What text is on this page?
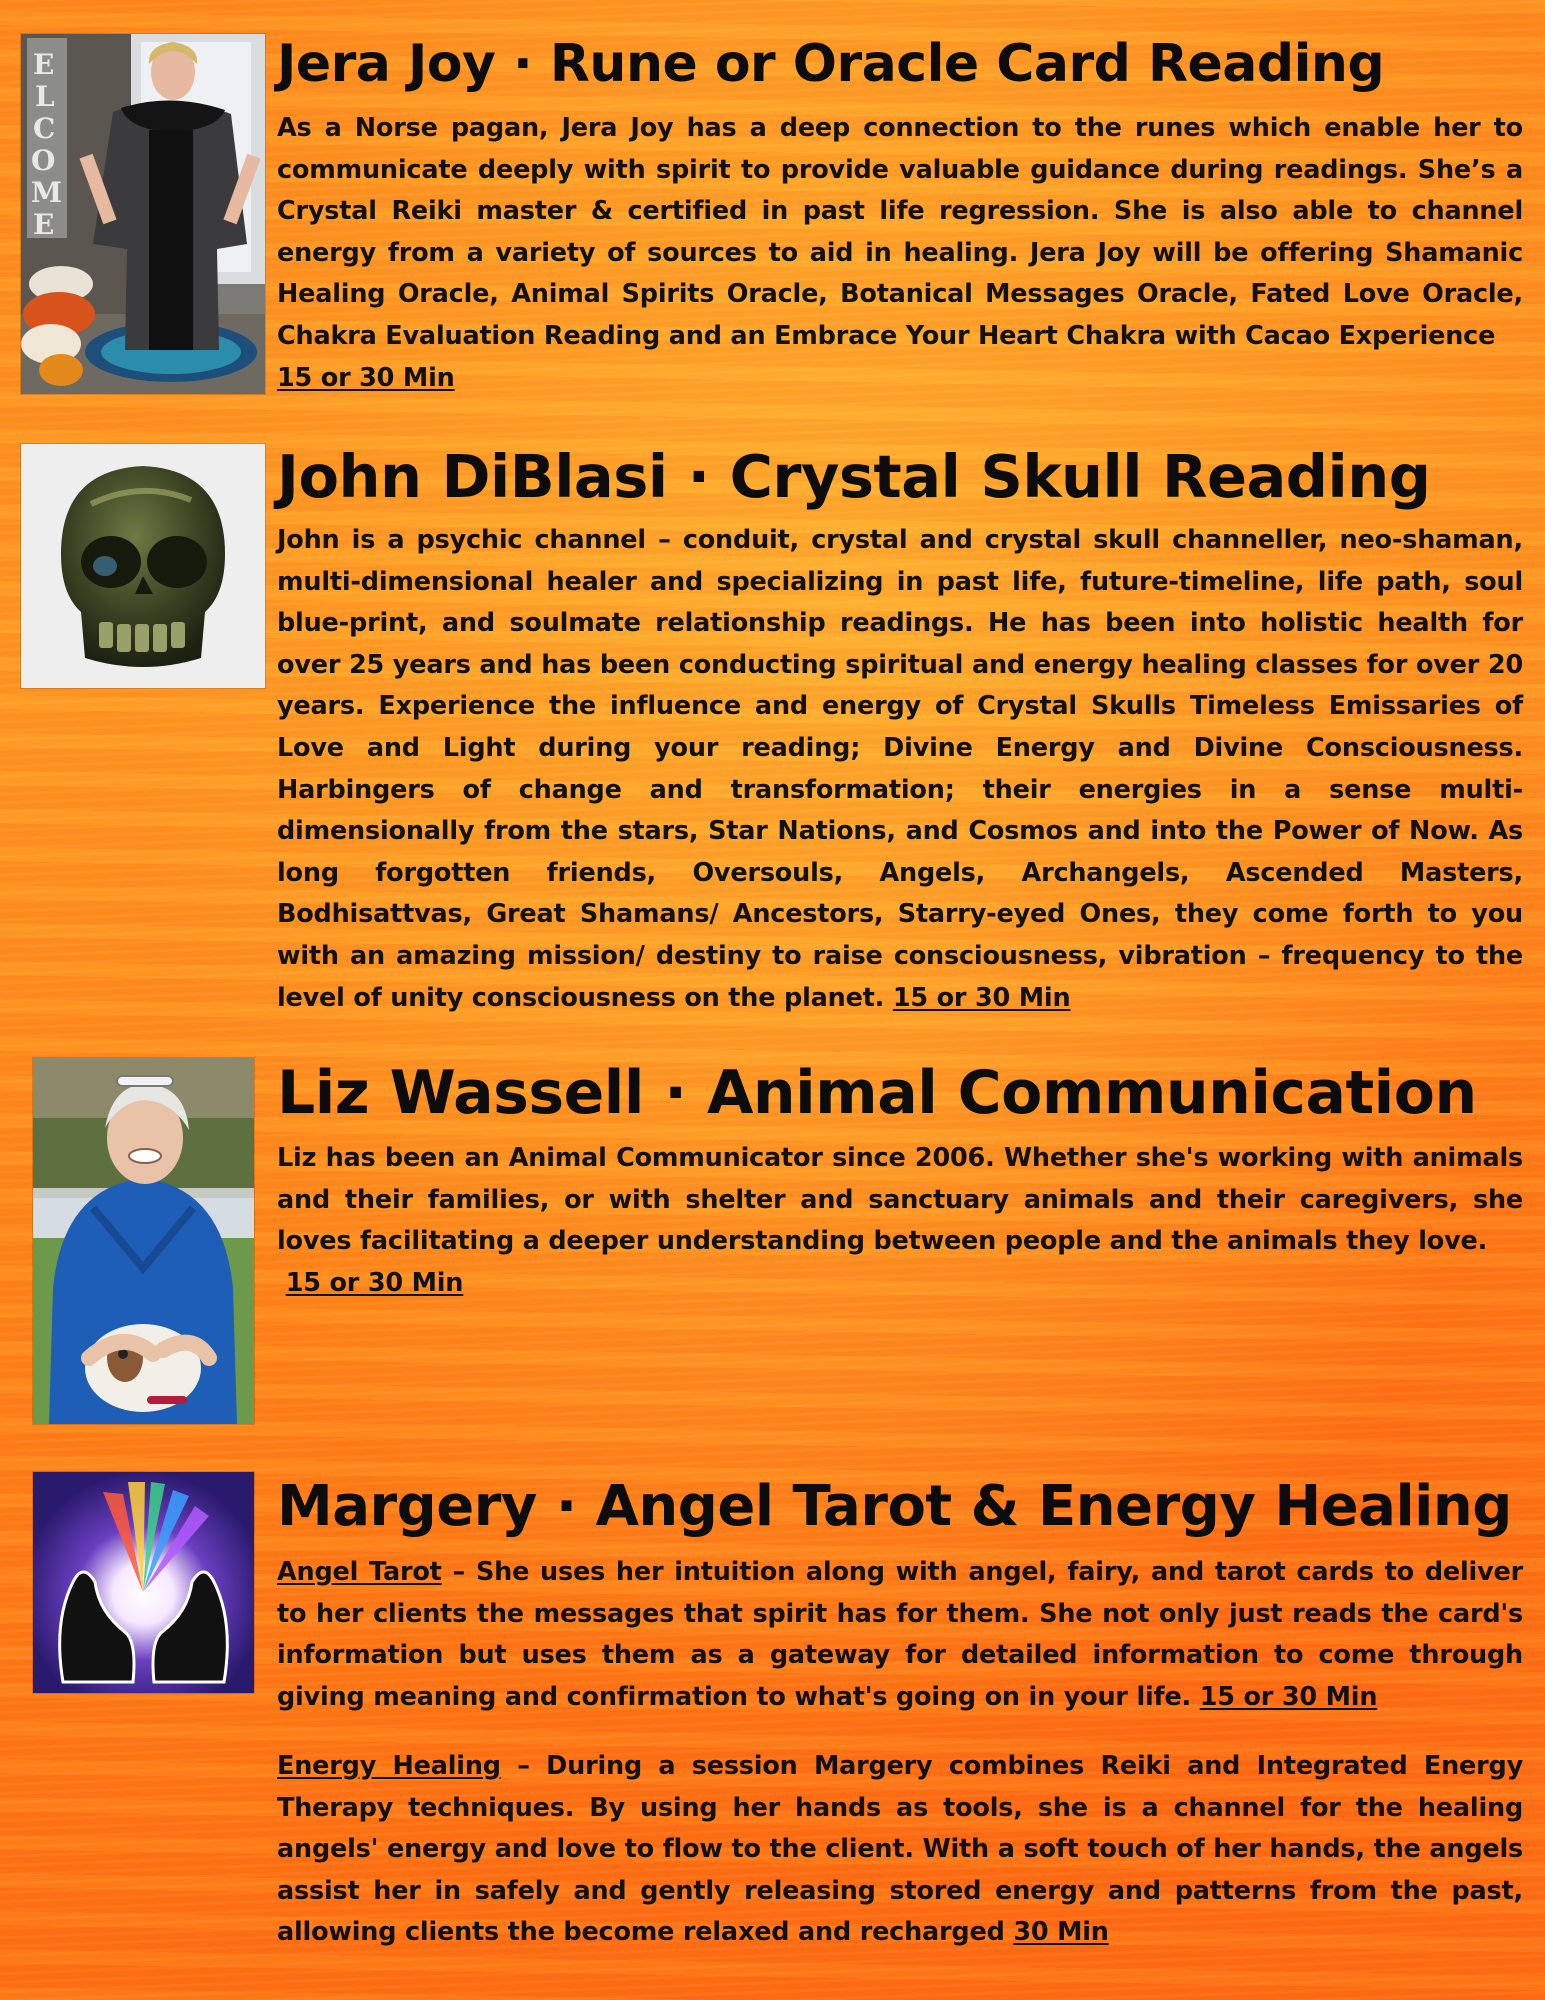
E
L
C
O
M
E
Jera Joy · Rune or Oracle Card Reading

As a Norse pagan, Jera Joy has a deep connection to the runes which enable her to communicate deeply with spirit to provide valuable guidance during readings. She’s a Crystal Reiki master & certified in past life regression. She is also able to channel energy from a variety of sources to aid in healing. Jera Joy will be offering Shamanic Healing Oracle, Animal Spirits Oracle, Botanical Messages Oracle, Fated Love Oracle, Chakra Evaluation Reading and an Embrace Your Heart Chakra with Cacao Experience
15 or 30 Min

John DiBlasi · Crystal Skull Reading

John is a psychic channel – conduit, crystal and crystal skull channeller, neo-shaman, multi-dimensional healer and specializing in past life, future-timeline, life path, soul blue-print, and soulmate relationship readings. He has been into holistic health for over 25 years and has been conducting spiritual and energy healing classes for over 20 years. Experience the influence and energy of Crystal Skulls Timeless Emissaries of Love and Light during your reading; Divine Energy and Divine Consciousness. Harbingers of change and transformation; their energies in a sense multi-dimensionally from the stars, Star Nations, and Cosmos and into the Power of Now. As long forgotten friends, Oversouls, Angels, Archangels, Ascended Masters, Bodhisattvas, Great Shamans/ Ancestors, Starry-eyed Ones, they come forth to you with an amazing mission/ destiny to raise consciousness, vibration – frequency to the level of unity consciousness on the planet. 15 or 30 Min

Liz Wassell · Animal Communication

Liz has been an Animal Communicator since 2006. Whether she's working with animals and their families, or with shelter and sanctuary animals and their caregivers, she loves facilitating a deeper understanding between people and the animals they love.
15 or 30 Min

Margery · Angel Tarot & Energy Healing

Angel Tarot – She uses her intuition along with angel, fairy, and tarot cards to deliver to her clients the messages that spirit has for them. She not only just reads the card's information but uses them as a gateway for detailed information to come through giving meaning and confirmation to what's going on in your life. 15 or 30 Min

Energy Healing – During a session Margery combines Reiki and Integrated Energy Therapy techniques. By using her hands as tools, she is a channel for the healing angels' energy and love to flow to the client. With a soft touch of her hands, the angels assist her in safely and gently releasing stored energy and patterns from the past, allowing clients the become relaxed and recharged 30 Min
